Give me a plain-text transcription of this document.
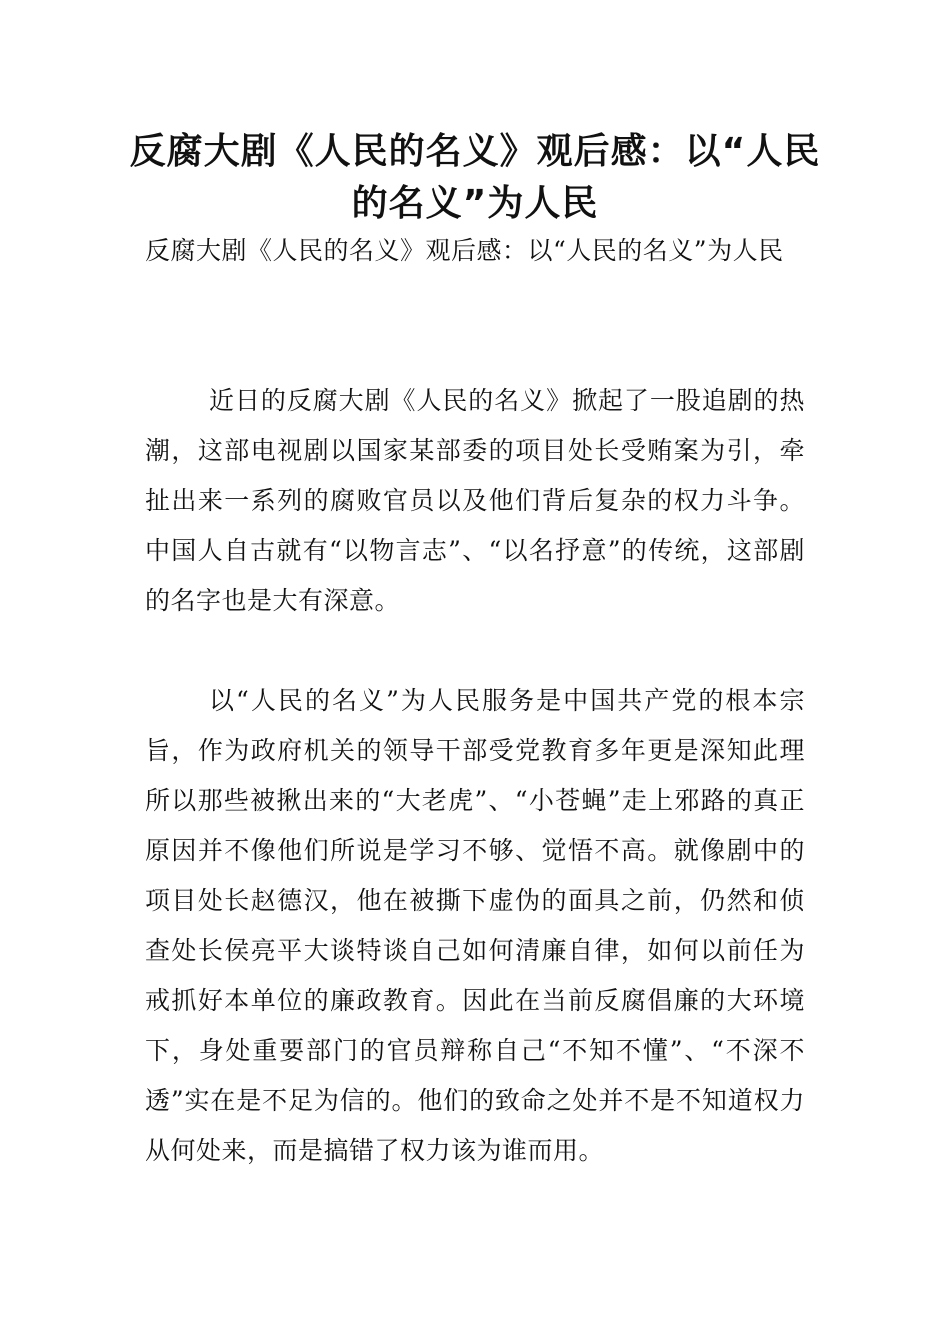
反腐大剧《人民的名义》观后感：以“人民的名义”为人民

反腐大剧《人民的名义》观后感：以“人民的名义”为人民

近日的反腐大剧《人民的名义》掀起了一股追剧的热潮，这部电视剧以国家某部委的项目处长受贿案为引，牵扯出来一系列的腐败官员以及他们背后复杂的权力斗争。中国人自古就有“以物言志”、“以名抒意”的传统，这部剧的名字也是大有深意。

以“人民的名义”为人民服务是中国共产党的根本宗旨，作为政府机关的领导干部受党教育多年更是深知此理所以那些被揪出来的“大老虎”、“小苍蝇”走上邪路的真正原因并不像他们所说是学习不够、觉悟不高。就像剧中的项目处长赵德汉，他在被撕下虚伪的面具之前，仍然和侦查处长侯亮平大谈特谈自己如何清廉自律，如何以前任为戒抓好本单位的廉政教育。因此在当前反腐倡廉的大环境下，身处重要部门的官员辩称自己“不知不懂”、“不深不透”实在是不足为信的。他们的致命之处并不是不知道权力从何处来，而是搞错了权力该为谁而用。
